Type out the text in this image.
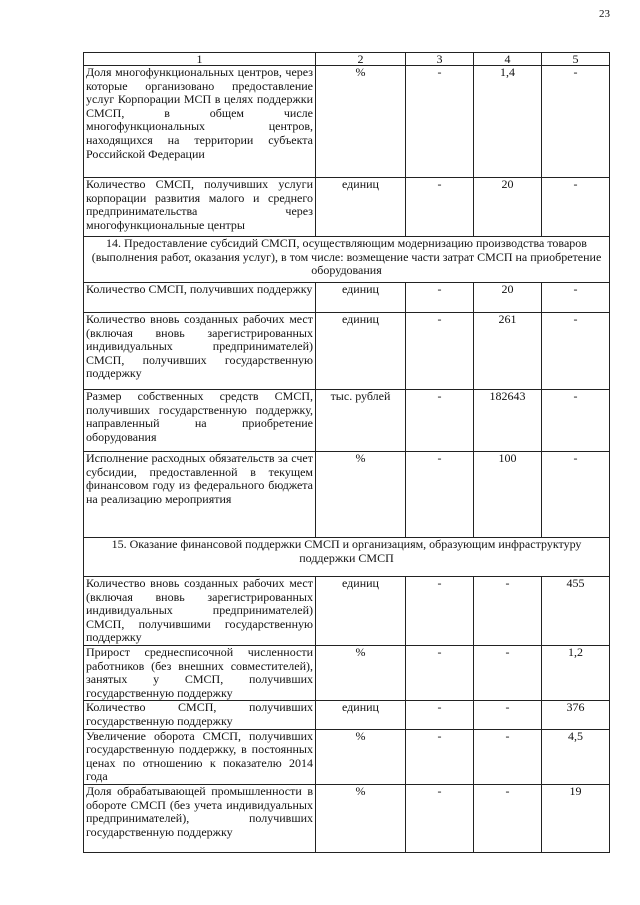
23
1	2	3	4	5
Доля многофункциональных центров, через которые организовано предоставление услуг Корпорации МСП в целях поддержки СМСП, в общем числе многофункциональных центров, находящихся на территории субъекта Российской Федерации	%	-	1,4	-
Количество СМСП, получивших услуги корпорации развития малого и среднего предпринимательства через многофункциональные центры	единиц	-	20	-
14. Предоставление субсидий СМСП, осуществляющим модернизацию производства товаров (выполнения работ, оказания услуг), в том числе: возмещение части затрат СМСП на приобретение оборудования				
Количество СМСП, получивших поддержку	единиц	-	20	-
Количество вновь созданных рабочих мест (включая вновь зарегистрированных индивидуальных предпринимателей) СМСП, получивших государственную поддержку	единиц	-	261	-
Размер собственных средств СМСП, получивших государственную поддержку, направленный на приобретение оборудования	тыс. рублей	-	182643	-
Исполнение расходных обязательств за счет субсидии, предоставленной в текущем финансовом году из федерального бюджета на реализацию мероприятия	%	-	100	-
15. Оказание финансовой поддержки СМСП и организациям, образующим инфраструктуру поддержки СМСП				
Количество вновь созданных рабочих мест (включая вновь зарегистрированных индивидуальных предпринимателей) СМСП, получившими государственную поддержку	единиц	-	-	455
Прирост среднесписочной численности работников (без внешних совместителей), занятых у СМСП, получивших государственную поддержку	%	-	-	1,2
Количество СМСП, получивших государственную поддержку	единиц	-	-	376
Увеличение оборота СМСП, получивших государственную поддержку, в постоянных ценах по отношению к показателю 2014 года	%	-	-	4,5
Доля обрабатывающей промышленности в обороте СМСП (без учета индивидуальных предпринимателей), получивших государственную поддержку	%	-	-	19
